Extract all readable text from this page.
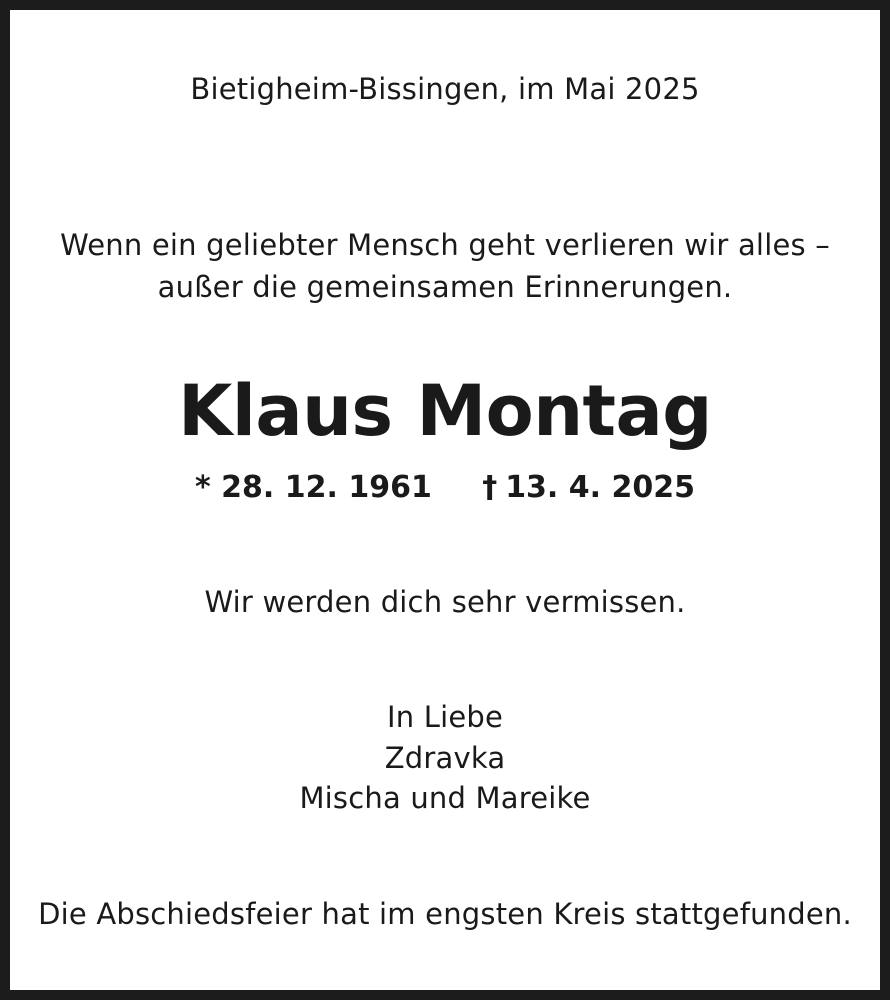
Bietigheim-Bissingen, im Mai 2025
Wenn ein geliebter Mensch geht verlieren wir alles –
außer die gemeinsamen Erinnerungen.
Klaus Montag
* 28. 12. 1961 † 13. 4. 2025
Wir werden dich sehr vermissen.
In Liebe
Zdravka
Mischa und Mareike
Die Abschiedsfeier hat im engsten Kreis stattgefunden.
